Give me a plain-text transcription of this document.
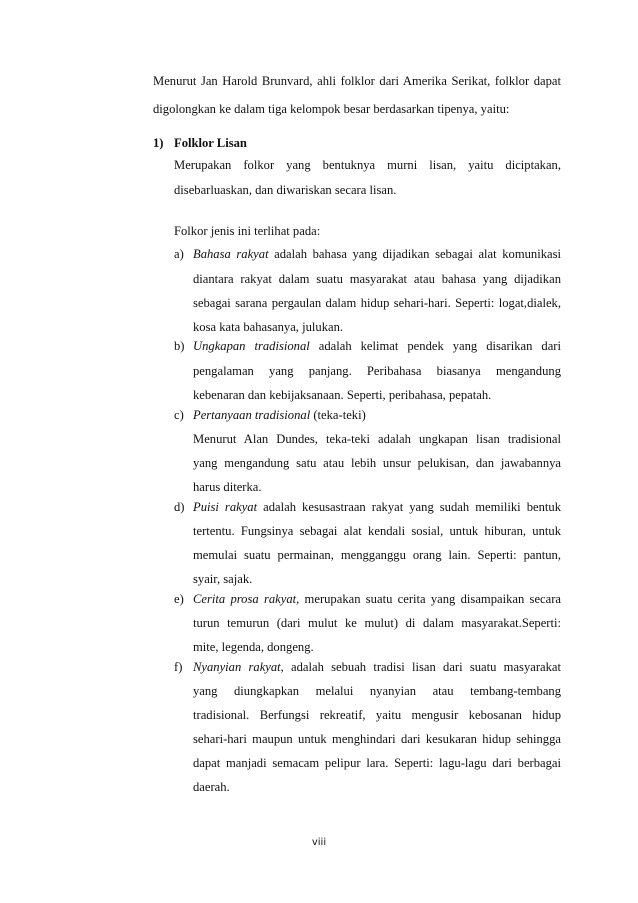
Menurut Jan Harold Brunvard, ahli folklor dari Amerika Serikat, folklor dapat
digolongkan ke dalam tiga kelompok besar berdasarkan tipenya, yaitu:
1) Folklor Lisan
Merupakan folkor yang bentuknya murni lisan, yaitu diciptakan,
disebarluaskan, dan diwariskan secara lisan.
Folkor jenis ini terlihat pada:
a) Bahasa rakyat adalah bahasa yang dijadikan sebagai alat komunikasi
diantara rakyat dalam suatu masyarakat atau bahasa yang dijadikan
sebagai sarana pergaulan dalam hidup sehari-hari. Seperti: logat,dialek,
kosa kata bahasanya, julukan.
b) Ungkapan tradisional adalah kelimat pendek yang disarikan dari
pengalaman yang panjang. Peribahasa biasanya mengandung
kebenaran dan kebijaksanaan. Seperti, peribahasa, pepatah.
c) Pertanyaan tradisional (teka-teki)
Menurut Alan Dundes, teka-teki adalah ungkapan lisan tradisional
yang mengandung satu atau lebih unsur pelukisan, dan jawabannya
harus diterka.
d) Puisi rakyat adalah kesusastraan rakyat yang sudah memiliki bentuk
tertentu. Fungsinya sebagai alat kendali sosial, untuk hiburan, untuk
memulai suatu permainan, mengganggu orang lain. Seperti: pantun,
syair, sajak.
e) Cerita prosa rakyat, merupakan suatu cerita yang disampaikan secara
turun temurun (dari mulut ke mulut) di dalam masyarakat.Seperti:
mite, legenda, dongeng.
f) Nyanyian rakyat, adalah sebuah tradisi lisan dari suatu masyarakat
yang diungkapkan melalui nyanyian atau tembang-tembang
tradisional. Berfungsi rekreatif, yaitu mengusir kebosanan hidup
sehari-hari maupun untuk menghindari dari kesukaran hidup sehingga
dapat manjadi semacam pelipur lara. Seperti: lagu-lagu dari berbagai
daerah.
viii
